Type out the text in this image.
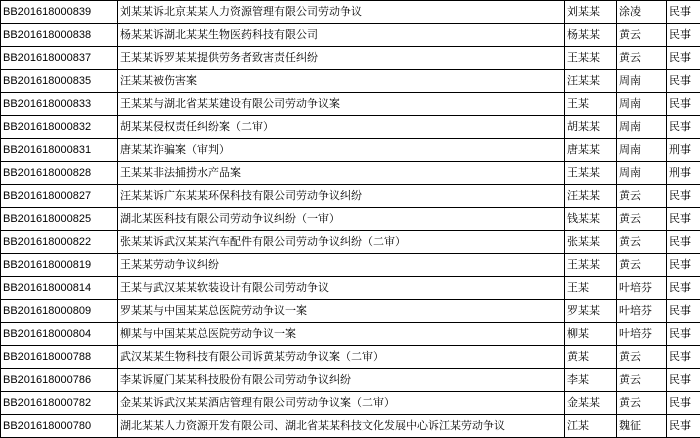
BB201618000839	刘某某诉北京某某人力资源管理有限公司劳动争议	刘某某	涂凌	民事
BB201618000838	杨某某诉湖北某某生物医药科技有限公司	杨某某	黄云	民事
BB201618000837	王某某诉罗某某提供劳务者致害责任纠纷	王某某	黄云	民事
BB201618000835	汪某某被伤害案	汪某某	周南	民事
BB201618000833	王某某与湖北省某某建设有限公司劳动争议案	王某	周南	民事
BB201618000832	胡某某侵权责任纠纷案（二审）	胡某某	周南	民事
BB201618000831	唐某某诈骗案（审判）	唐某某	周南	刑事
BB201618000828	王某某非法捕捞水产品案	王某某	周南	刑事
BB201618000827	汪某某诉广东某某环保科技有限公司劳动争议纠纷	汪某某	黄云	民事
BB201618000825	湖北某医科技有限公司劳动争议纠纷（一审）	钱某某	黄云	民事
BB201618000822	张某某诉武汉某某汽车配件有限公司劳动争议纠纷（二审）	张某某	黄云	民事
BB201618000819	王某某劳动争议纠纷	王某某	黄云	民事
BB201618000814	王某与武汉某某软装设计有限公司劳动争议	王某	叶培芬	民事
BB201618000809	罗某某与中国某某总医院劳动争议一案	罗某某	叶培芬	民事
BB201618000804	柳某与中国某某总医院劳动争议一案	柳某	叶培芬	民事
BB201618000788	武汉某某生物科技有限公司诉黄某劳动争议案（二审）	黄某	黄云	民事
BB201618000786	李某诉厦门某某科技股份有限公司劳动争议纠纷	李某	黄云	民事
BB201618000782	金某某诉武汉某某酒店管理有限公司劳动争议案（二审）	金某某	黄云	民事
BB201618000780	湖北某某人力资源开发有限公司、湖北省某某科技文化发展中心诉江某劳动争议	江某	魏征	民事
